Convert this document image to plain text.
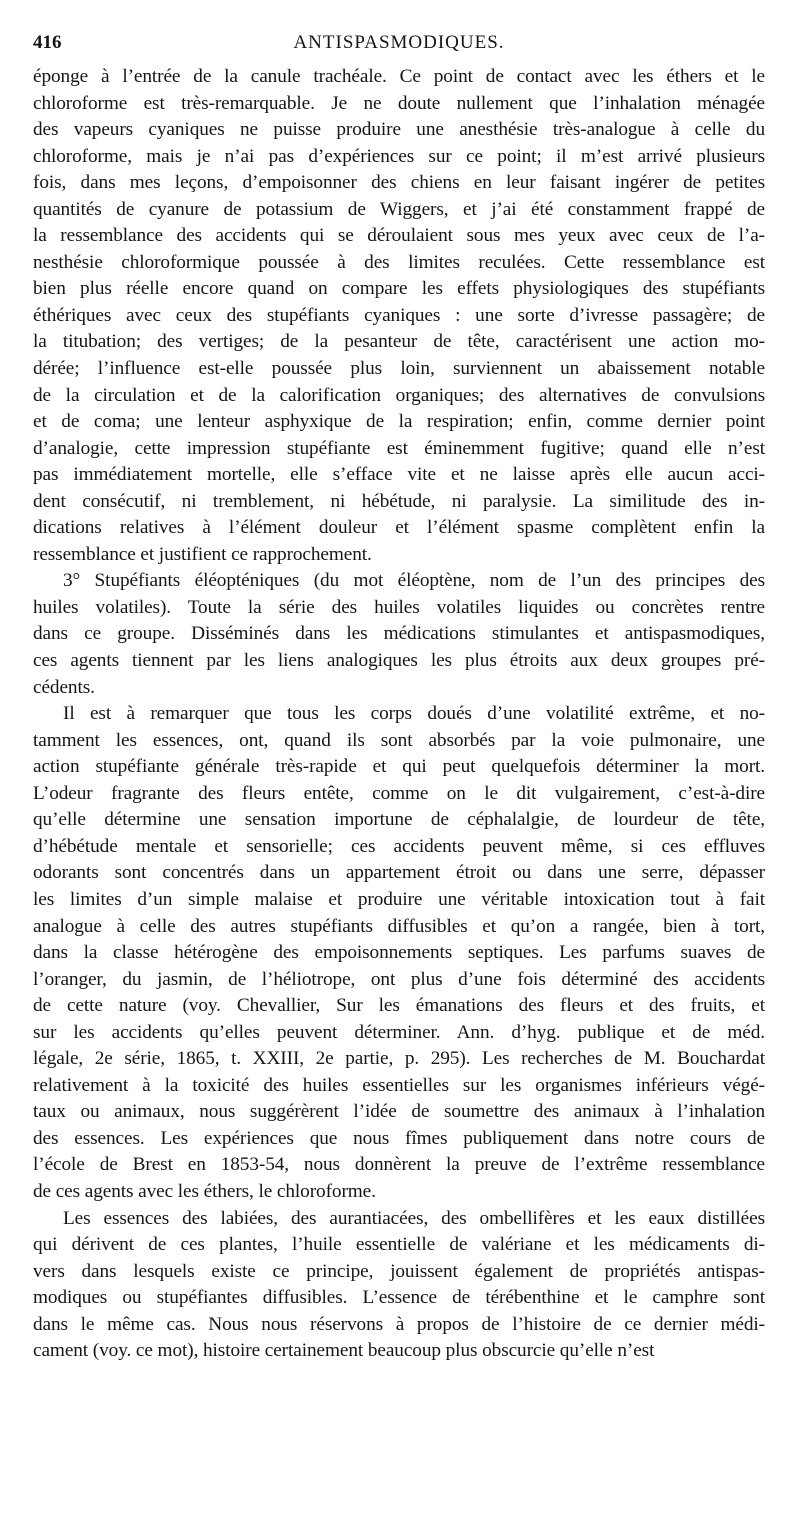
416	ANTISPASMODIQUES.
éponge à l’entrée de la canule trachéale. Ce point de contact avec les éthers et le
chloroforme est très-remarquable. Je ne doute nullement que l’inhalation ménagée
des vapeurs cyaniques ne puisse produire une anesthésie très-analogue à celle du
chloroforme, mais je n’ai pas d’expériences sur ce point; il m’est arrivé plusieurs
fois, dans mes leçons, d’empoisonner des chiens en leur faisant ingérer de petites
quantités de cyanure de potassium de Wiggers, et j’ai été constamment frappé de
la ressemblance des accidents qui se déroulaient sous mes yeux avec ceux de l’a-
nesthésie chloroformique poussée à des limites reculées. Cette ressemblance est
bien plus réelle encore quand on compare les effets physiologiques des stupéfiants
éthériques avec ceux des stupéfiants cyaniques : une sorte d’ivresse passagère; de
la titubation; des vertiges; de la pesanteur de tête, caractérisent une action mo-
dérée; l’influence est-elle poussée plus loin, surviennent un abaissement notable
de la circulation et de la calorification organiques; des alternatives de convulsions
et de coma; une lenteur asphyxique de la respiration; enfin, comme dernier point
d’analogie, cette impression stupéfiante est éminemment fugitive; quand elle n’est
pas immédiatement mortelle, elle s’efface vite et ne laisse après elle aucun acci-
dent consécutif, ni tremblement, ni hébétude, ni paralysie. La similitude des in-
dications relatives à l’élément douleur et l’élément spasme complètent enfin la
ressemblance et justifient ce rapprochement.
3° Stupéfiants éléopténiques (du mot éléoptène, nom de l’un des principes des
huiles volatiles). Toute la série des huiles volatiles liquides ou concrètes rentre
dans ce groupe. Disséminés dans les médications stimulantes et antispasmodiques,
ces agents tiennent par les liens analogiques les plus étroits aux deux groupes pré-
cédents.
Il est à remarquer que tous les corps doués d’une volatilité extrême, et no-
tamment les essences, ont, quand ils sont absorbés par la voie pulmonaire, une
action stupéfiante générale très-rapide et qui peut quelquefois déterminer la mort.
L’odeur fragrante des fleurs entête, comme on le dit vulgairement, c’est-à-dire
qu’elle détermine une sensation importune de céphalalgie, de lourdeur de tête,
d’hébétude mentale et sensorielle; ces accidents peuvent même, si ces effluves
odorants sont concentrés dans un appartement étroit ou dans une serre, dépasser
les limites d’un simple malaise et produire une véritable intoxication tout à fait
analogue à celle des autres stupéfiants diffusibles et qu’on a rangée, bien à tort,
dans la classe hétérogène des empoisonnements septiques. Les parfums suaves de
l’oranger, du jasmin, de l’héliotrope, ont plus d’une fois déterminé des accidents
de cette nature (voy. Chevallier, Sur les émanations des fleurs et des fruits, et
sur les accidents qu’elles peuvent déterminer. Ann. d’hyg. publique et de méd.
légale, 2e série, 1865, t. XXIII, 2e partie, p. 295). Les recherches de M. Bouchardat
relativement à la toxicité des huiles essentielles sur les organismes inférieurs végé-
taux ou animaux, nous suggérèrent l’idée de soumettre des animaux à l’inhalation
des essences. Les expériences que nous fîmes publiquement dans notre cours de
l’école de Brest en 1853-54, nous donnèrent la preuve de l’extrême ressemblance
de ces agents avec les éthers, le chloroforme.
Les essences des labiées, des aurantiacées, des ombellifères et les eaux distillées
qui dérivent de ces plantes, l’huile essentielle de valériane et les médicaments di-
vers dans lesquels existe ce principe, jouissent également de propriétés antispas-
modiques ou stupéfiantes diffusibles. L’essence de térébenthine et le camphre sont
dans le même cas. Nous nous réservons à propos de l’histoire de ce dernier médi-
cament (voy. ce mot), histoire certainement beaucoup plus obscurcie qu’elle n’est
